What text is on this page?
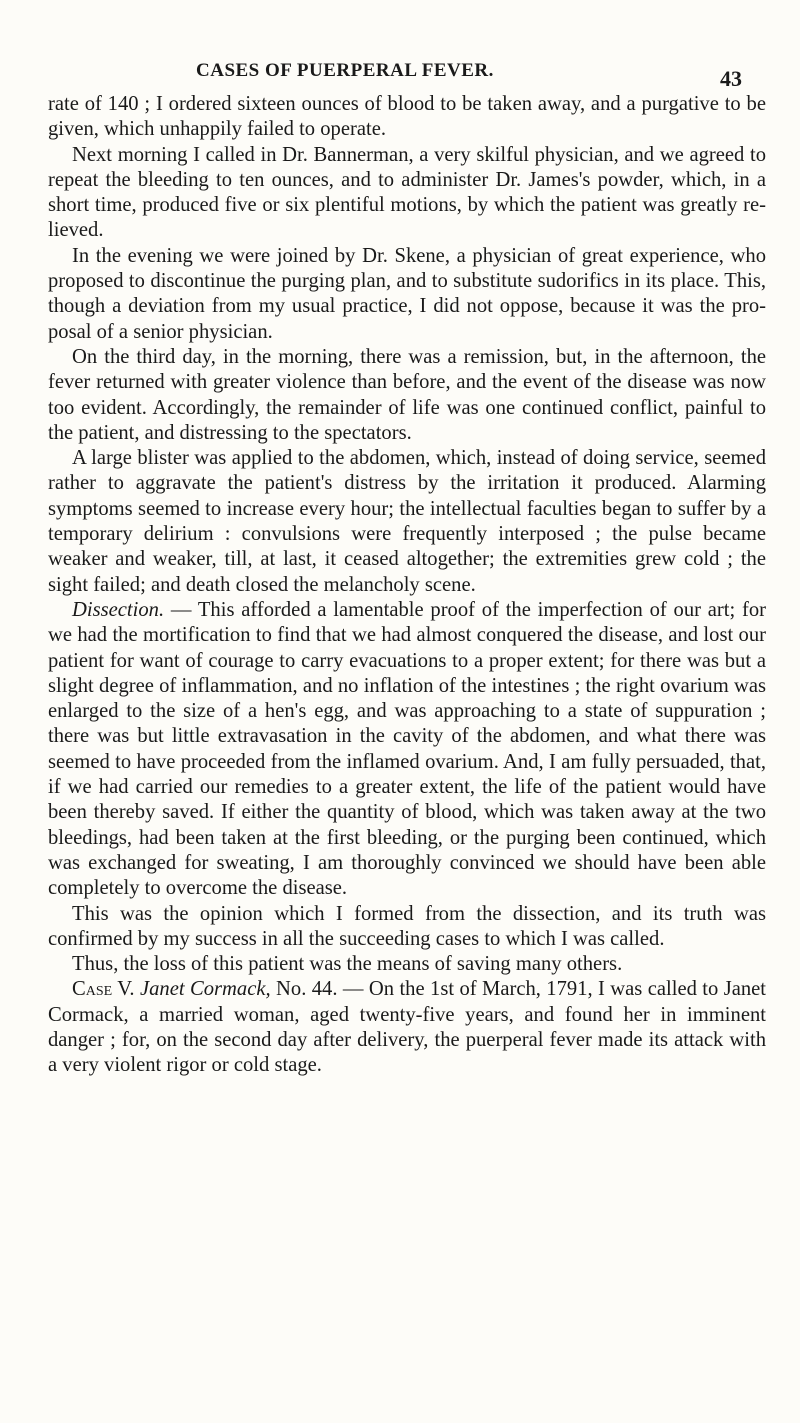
CASES OF PUERPERAL FEVER.	43

rate of 140 ; I ordered sixteen ounces of blood to be taken away, and a purgative to be given, which unhappily failed to operate.

Next morning I called in Dr. Bannerman, a very skilful physician, and we agreed to repeat the bleeding to ten ounces, and to administer Dr. James's powder, which, in a short time, produced five or six plentiful motions, by which the patient was greatly relieved.

In the evening we were joined by Dr. Skene, a physician of great experience, who proposed to discontinue the purging plan, and to substitute sudorifics in its place. This, though a deviation from my usual practice, I did not oppose, because it was the proposal of a senior physician.

On the third day, in the morning, there was a remission, but, in the afternoon, the fever returned with greater violence than before, and the event of the disease was now too evident. Accordingly, the remainder of life was one continued conflict, painful to the patient, and distressing to the spectators.

A large blister was applied to the abdomen, which, instead of doing service, seemed rather to aggravate the patient's distress by the irritation it produced. Alarming symptoms seemed to increase every hour; the intellectual faculties began to suffer by a temporary delirium : convulsions were frequently interposed ; the pulse became weaker and weaker, till, at last, it ceased altogether; the extremities grew cold ; the sight failed; and death closed the melancholy scene.

Dissection. — This afforded a lamentable proof of the imperfection of our art; for we had the mortification to find that we had almost conquered the disease, and lost our patient for want of courage to carry evacuations to a proper extent; for there was but a slight degree of inflammation, and no inflation of the intestines ; the right ovarium was enlarged to the size of a hen's egg, and was approaching to a state of suppuration ; there was but little extravasation in the cavity of the abdomen, and what there was seemed to have proceeded from the inflamed ovarium. And, I am fully persuaded, that, if we had carried our remedies to a greater extent, the life of the patient would have been thereby saved. If either the quantity of blood, which was taken away at the two bleedings, had been taken at the first bleeding, or the purging been continued, which was exchanged for sweating, I am thoroughly convinced we should have been able completely to overcome the disease.

This was the opinion which I formed from the dissection, and its truth was confirmed by my success in all the succeeding cases to which I was called.

Thus, the loss of this patient was the means of saving many others.

Case V. Janet Cormack, No. 44. — On the 1st of March, 1791, I was called to Janet Cormack, a married woman, aged twenty-five years, and found her in imminent danger ; for, on the second day after delivery, the puerperal fever made its attack with a very violent rigor or cold stage.
